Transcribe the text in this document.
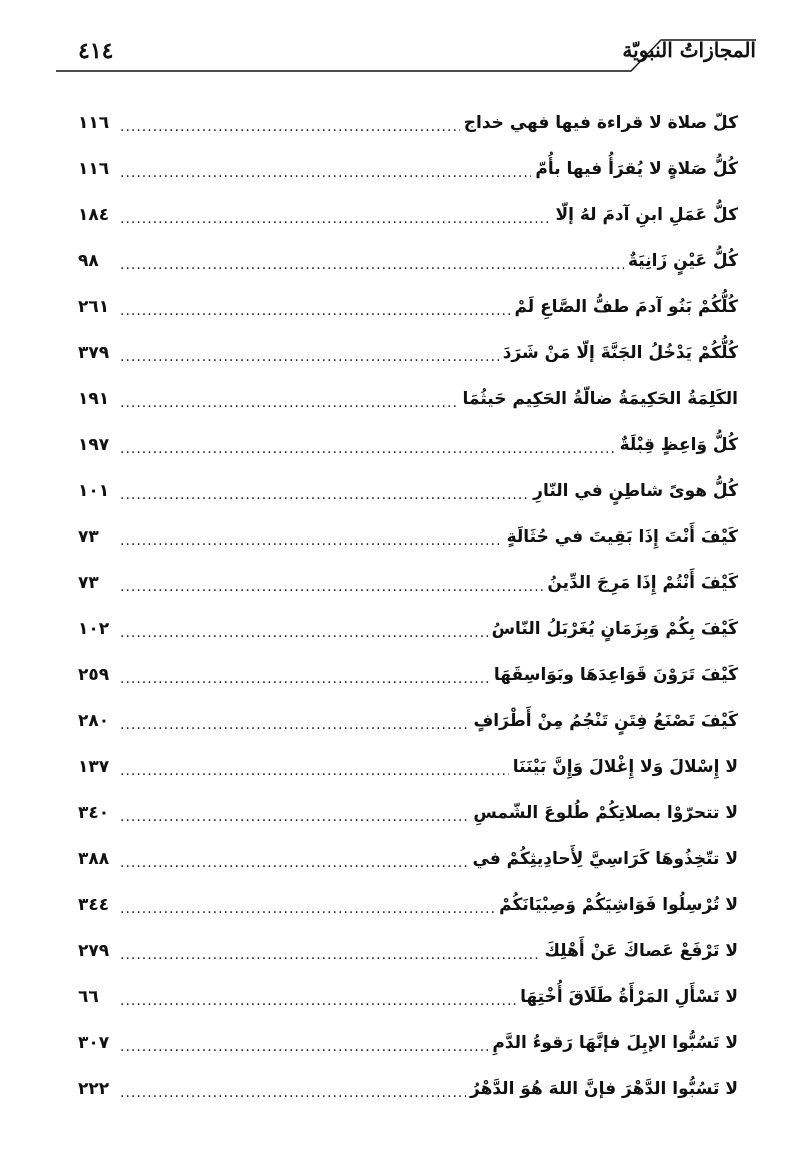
٤١٤	المجازاتُ النبويّة
كلّ صلاة لا قراءة فيها فهي خداج
.....
١١٦
كُلُّ صَلاةٍ لا يُقرَأُ فيها بأُمّ
.....
١١٦
كلُّ عَمَلِ ابنِ آدمَ لهُ إلّا
.....
١٨٤
كُلُّ عَيْنٍ زَانِيَةٌ
.....
٩٨
كُلُّكُمْ بَنُو آدمَ طفُّ الصَّاعِ لَمْ
.....
٢٦١
كُلُّكُمْ يَدْخُلُ الجَنَّةَ إلّا مَنْ شَرَدَ
.....
٣٧٩
الكَلِمَةُ الحَكِيمَةُ ضالّةُ الحَكِيم حَيثُمَا
.....
١٩١
كُلُّ وَاعِظٍ قِبْلَةٌ
.....
١٩٧
كُلُّ هوىً شاطِنٍ في النّارِ
.....
١٠١
كَيْفَ أَنْتَ إِذَا بَقِيتَ في حُثَالَةٍ
.....
٧٣
كَيْفَ أَنْتُمْ إِذَا مَرِجَ الدِّينُ
.....
٧٣
كَيْفَ بِكُمْ وَبِزَمَانٍ يُغَرْبَلُ النّاسُ
.....
١٠٢
كَيْفَ تَرَوْنَ قَوَاعِدَهَا وبَوَاسِقَهَا
.....
٢٥٩
كَيْفَ تَصْنَعُ فِتَنٍ تَنْجُمُ مِنْ أَطْرَافٍ
.....
٢٨٠
لا إِسْلالَ وَلا إِغْلالَ وَإِنَّ بَيْنَنَا
.....
١٣٧
لا تتحرّوْا بصلاتِكُمْ طُلوعَ الشّمسِ
.....
٣٤٠
لا تتّخِذُوهَا كَرَاسِيَّ لِأَحادِيثِكُمْ في
.....
٣٨٨
لا تُرْسِلُوا فَوَاشِيَكُمْ وَصِبْيَانَكُمْ
.....
٣٤٤
لا تَرْفَعْ عَصاكَ عَنْ أَهْلِكَ
.....
٢٧٩
لا تَسْأَلِ المَرْأَةُ طَلَاقَ أُخْتِهَا
.....
٦٦
لا تَسُبُّوا الإبِلَ فإنَّهَا رَقوءُ الدَّمِ
.....
٣٠٧
لا تَسُبُّوا الدَّهْرَ فإنَّ اللهَ هُوَ الدَّهْرُ
.....
٢٢٢
